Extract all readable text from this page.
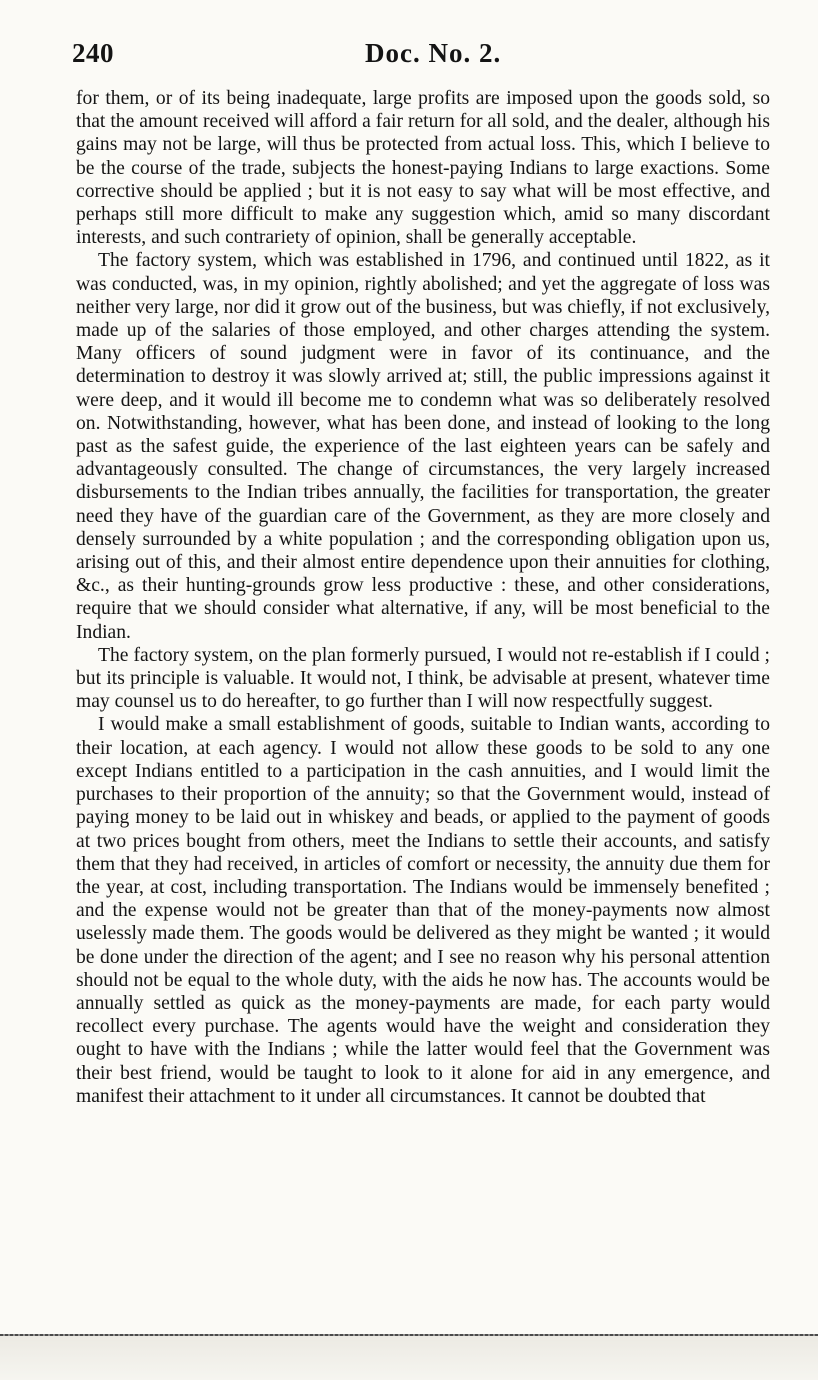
240	Doc. No. 2.

for them, or of its being inadequate, large profits are imposed upon the goods sold, so that the amount received will afford a fair return for all sold, and the dealer, although his gains may not be large, will thus be protected from actual loss. This, which I believe to be the course of the trade, subjects the honest-paying Indians to large exactions. Some corrective should be applied ; but it is not easy to say what will be most effective, and perhaps still more difficult to make any suggestion which, amid so many discordant interests, and such contrariety of opinion, shall be generally acceptable.

The factory system, which was established in 1796, and continued until 1822, as it was conducted, was, in my opinion, rightly abolished; and yet the aggregate of loss was neither very large, nor did it grow out of the business, but was chiefly, if not exclusively, made up of the salaries of those employed, and other charges attending the system. Many officers of sound judgment were in favor of its continuance, and the determination to destroy it was slowly arrived at; still, the public impressions against it were deep, and it would ill become me to condemn what was so deliberately resolved on. Notwithstanding, however, what has been done, and instead of looking to the long past as the safest guide, the experience of the last eighteen years can be safely and advantageously consulted. The change of circumstances, the very largely increased disbursements to the Indian tribes annually, the facilities for transportation, the greater need they have of the guardian care of the Government, as they are more closely and densely surrounded by a white population ; and the corresponding obligation upon us, arising out of this, and their almost entire dependence upon their annuities for clothing, &c., as their hunting-grounds grow less productive : these, and other considerations, require that we should consider what alternative, if any, will be most beneficial to the Indian.

The factory system, on the plan formerly pursued, I would not re-establish if I could ; but its principle is valuable. It would not, I think, be advisable at present, whatever time may counsel us to do hereafter, to go further than I will now respectfully suggest.

I would make a small establishment of goods, suitable to Indian wants, according to their location, at each agency. I would not allow these goods to be sold to any one except Indians entitled to a participation in the cash annuities, and I would limit the purchases to their proportion of the annuity; so that the Government would, instead of paying money to be laid out in whiskey and beads, or applied to the payment of goods at two prices bought from others, meet the Indians to settle their accounts, and satisfy them that they had received, in articles of comfort or necessity, the annuity due them for the year, at cost, including transportation. The Indians would be immensely benefited ; and the expense would not be greater than that of the money-payments now almost uselessly made them. The goods would be delivered as they might be wanted ; it would be done under the direction of the agent; and I see no reason why his personal attention should not be equal to the whole duty, with the aids he now has. The accounts would be annually settled as quick as the money-payments are made, for each party would recollect every purchase. The agents would have the weight and consideration they ought to have with the Indians ; while the latter would feel that the Government was their best friend, would be taught to look to it alone for aid in any emergence, and manifest their attachment to it under all circumstances. It cannot be doubted that
